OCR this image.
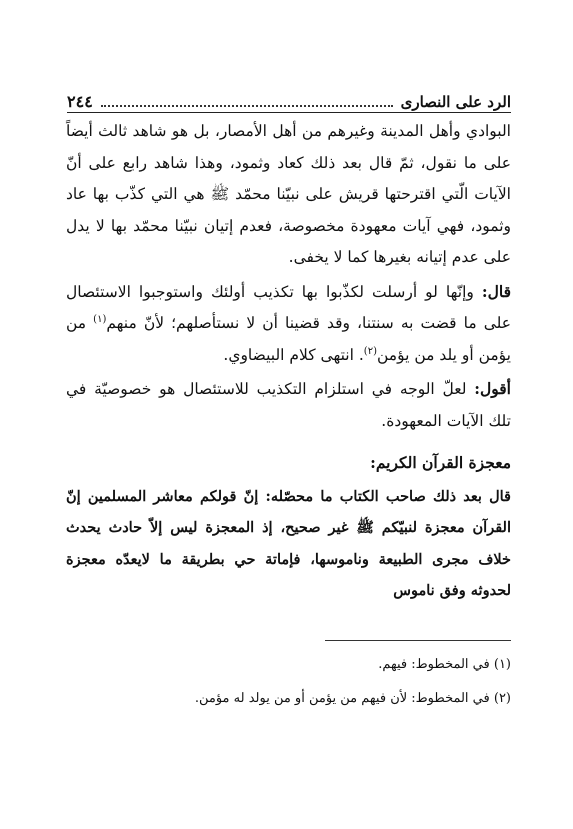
٢٤٤	الرد على النصارى

البوادي وأهل المدينة وغيرهم من أهل الأمصار، بل هو شاهد ثالث أيضاً على ما نقول، ثمّ قال بعد ذلك كعاد وثمود، وهذا شاهد رابع على أنّ الآيات الّتي اقترحتها قريش على نبيّنا محمّد ﷺ هي التي كذّب بها عاد وثمود، فهي آيات معهودة مخصوصة، فعدم إتيان نبيّنا محمّد بها لا يدل على عدم إتيانه بغيرها كما لا يخفى.

قال: وإنّها لو أرسلت لكذّبوا بها تكذيب أولئك واستوجبوا الاستئصال على ما قضت به سنتنا، وقد قضينا أن لا نستأصلهم؛ لأنّ منهم$^{(١)}$ من يؤمن أو يلد من يؤمن$^{(٢)}$. انتهى كلام البيضاوي.

أقول: لعلّ الوجه في استلزام التكذيب للاستئصال هو خصوصيّة في تلك الآيات المعهودة.

معجزة القرآن الكريم:

قال بعد ذلك صاحب الكتاب ما محصّله: إنّ قولكم معاشر المسلمين إنّ القرآن معجزة لنبيّكم ﷺ غير صحيح، إذ المعجزة ليس إلاّ حادث يحدث خلاف مجرى الطبيعة وناموسها، فإماتة حي بطريقة ما لايعدّه معجزة لحدوثه وفق ناموس

(١) في المخطوط: فيهم.
(٢) في المخطوط: لأن فيهم من يؤمن أو من يولد له مؤمن.
